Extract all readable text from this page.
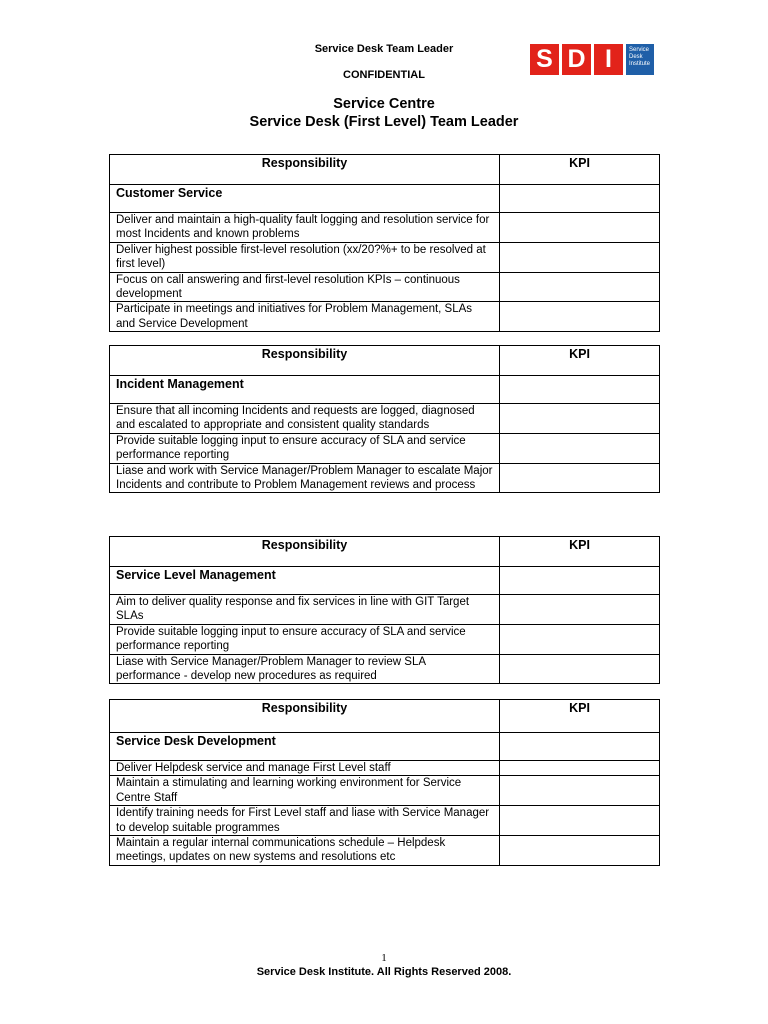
Service Desk Team Leader
CONFIDENTIAL
S D I	Service Desk Institute
Service Centre
Service Desk (First Level) Team Leader
Responsibility	KPI
Customer Service	
Deliver and maintain a high-quality fault logging and resolution service for most Incidents and known problems	
Deliver highest possible first-level resolution (xx/20?%+ to be resolved at first level)	
Focus on call answering and first-level resolution KPIs – continuous development	
Participate in meetings and initiatives for Problem Management, SLAs and Service Development	
Responsibility	KPI
Incident Management	
Ensure that all incoming Incidents and requests are logged, diagnosed and escalated to appropriate and consistent quality standards	
Provide suitable logging input to ensure accuracy of SLA and service performance reporting	
Liase and work with Service Manager/Problem Manager to escalate Major Incidents and contribute to Problem Management reviews and process	
Responsibility	KPI
Service Level Management	
Aim to deliver quality response and fix services in line with GIT Target SLAs	
Provide suitable logging input to ensure accuracy of SLA and service performance reporting	
Liase with Service Manager/Problem Manager to review SLA performance - develop new procedures as required	
Responsibility	KPI
Service Desk Development	
Deliver Helpdesk service and manage First Level staff	
Maintain a stimulating and learning working environment for Service Centre Staff	
Identify training needs for First Level staff and liase with Service Manager to develop suitable programmes	
Maintain a regular internal communications schedule – Helpdesk meetings, updates on new systems and resolutions etc	
1
Service Desk Institute. All Rights Reserved 2008.
